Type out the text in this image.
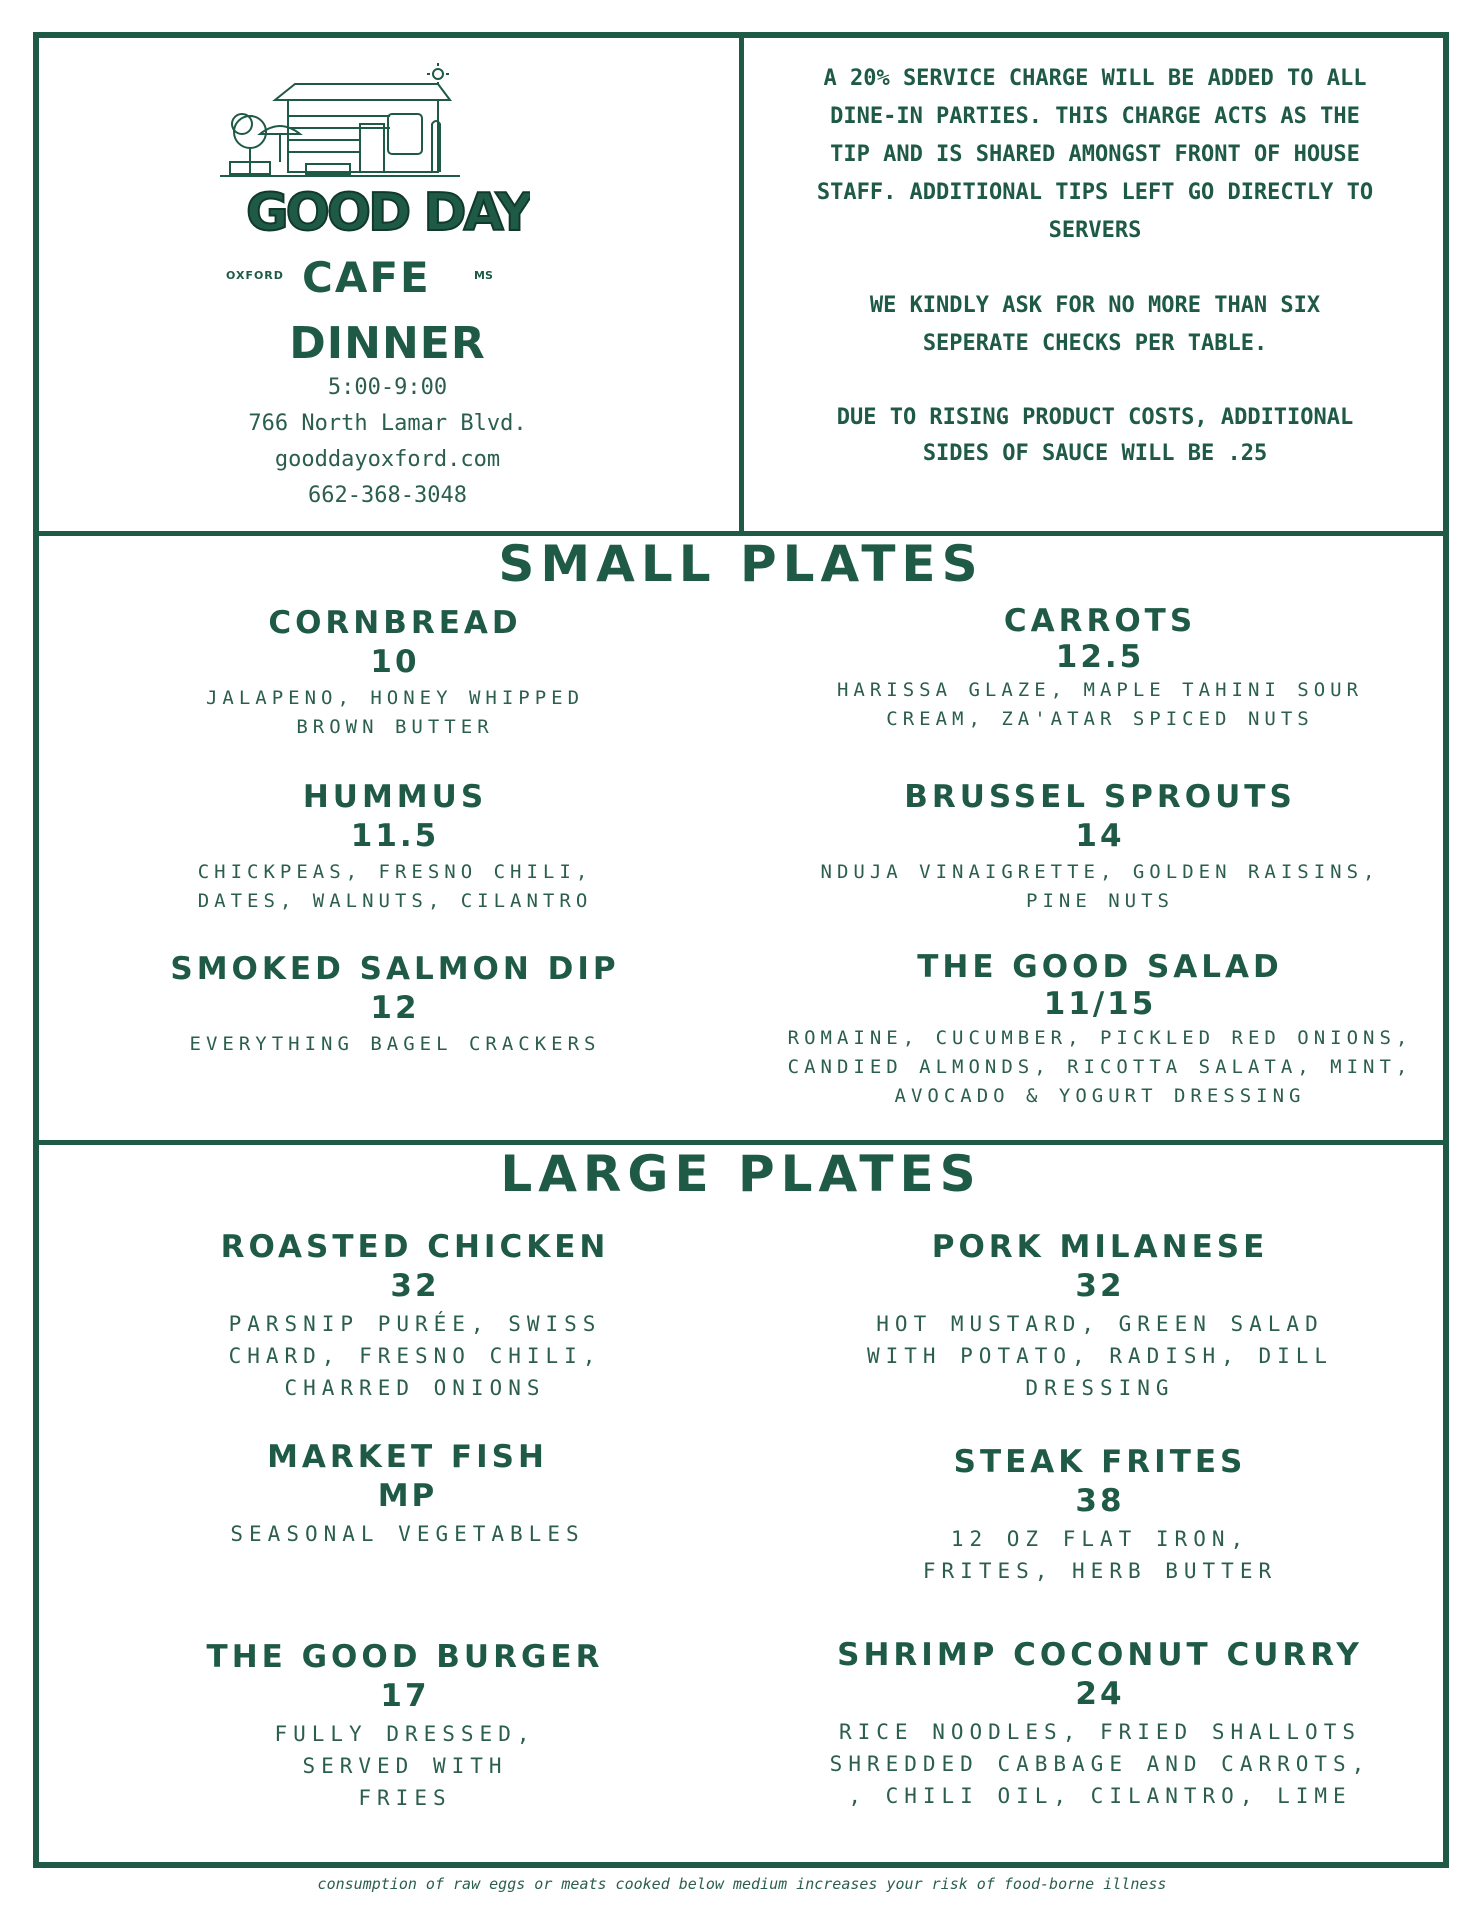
GOOD DAY
OXFORD CAFE	MS
DINNER
5:00-9:00
766 North Lamar Blvd.
gooddayoxford.com
662-368-3048
A 20% SERVICE CHARGE WILL BE ADDED TO ALL DINE-IN PARTIES. THIS CHARGE ACTS AS THE TIP AND IS SHARED AMONGST FRONT OF HOUSE STAFF. ADDITIONAL TIPS LEFT GO DIRECTLY TO SERVERS
WE KINDLY ASK FOR NO MORE THAN SIX SEPERATE CHECKS PER TABLE.
DUE TO RISING PRODUCT COSTS, ADDITIONAL SIDES OF SAUCE WILL BE .25
SMALL PLATES
CORNBREAD
10
JALAPENO, HONEY WHIPPED BROWN BUTTER
CARROTS
12.5
HARISSA GLAZE, MAPLE TAHINI SOUR CREAM, ZA'ATAR SPICED NUTS
HUMMUS
11.5
CHICKPEAS, FRESNO CHILI, DATES, WALNUTS, CILANTRO
BRUSSEL SPROUTS
14
NDUJA VINAIGRETTE, GOLDEN RAISINS, PINE NUTS
SMOKED SALMON DIP
12
EVERYTHING BAGEL CRACKERS
THE GOOD SALAD
11/15
ROMAINE, CUCUMBER, PICKLED RED ONIONS, CANDIED ALMONDS, RICOTTA SALATA, MINT, AVOCADO & YOGURT DRESSING
LARGE PLATES
ROASTED CHICKEN
32
PARSNIP PURÉE, SWISS CHARD, FRESNO CHILI, CHARRED ONIONS
PORK MILANESE
32
HOT MUSTARD, GREEN SALAD WITH POTATO, RADISH, DILL DRESSING
MARKET FISH
MP
SEASONAL VEGETABLES
STEAK FRITES
38
12 OZ FLAT IRON, FRITES, HERB BUTTER
THE GOOD BURGER
17
FULLY DRESSED, SERVED WITH FRIES
SHRIMP COCONUT CURRY
24
RICE NOODLES, FRIED SHALLOTS SHREDDED CABBAGE AND CARROTS, , CHILI OIL, CILANTRO, LIME
consumption of raw eggs or meats cooked below medium increases your risk of food-borne illness
